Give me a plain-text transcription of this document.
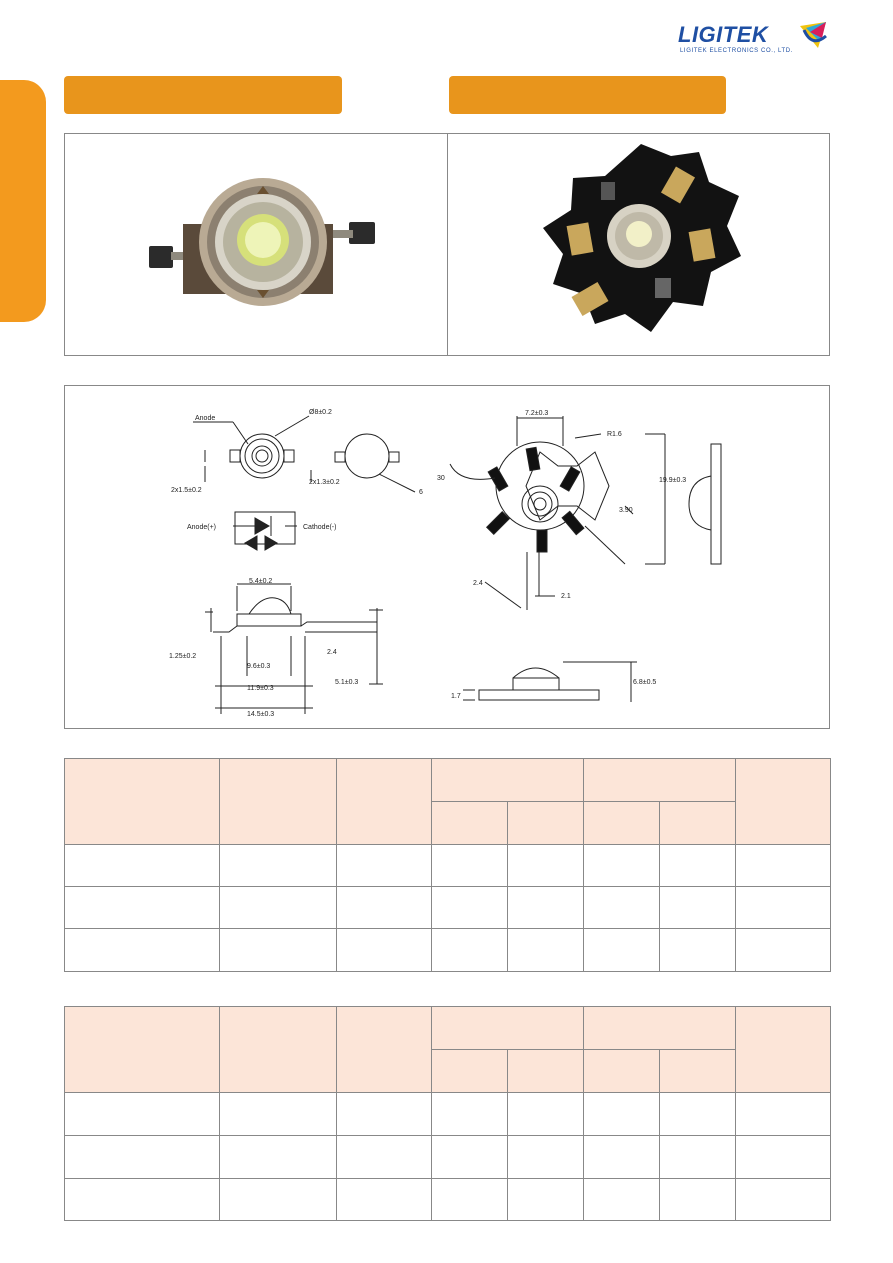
LIGITEK
LIGITEK ELECTRONICS CO., LTD.
Anode
Ø8±0.2
2x1.5±0.2
2x1.3±0.2
6
Anode(+)	Cathode(-)
5.4±0.2
1.25±0.2
2.4
9.6±0.3
11.9±0.3
5.1±0.3
14.5±0.3
7.2±0.3
R1.6
30	19.9±0.3
3.90
2.4
2.1
1.7
6.8±0.5
